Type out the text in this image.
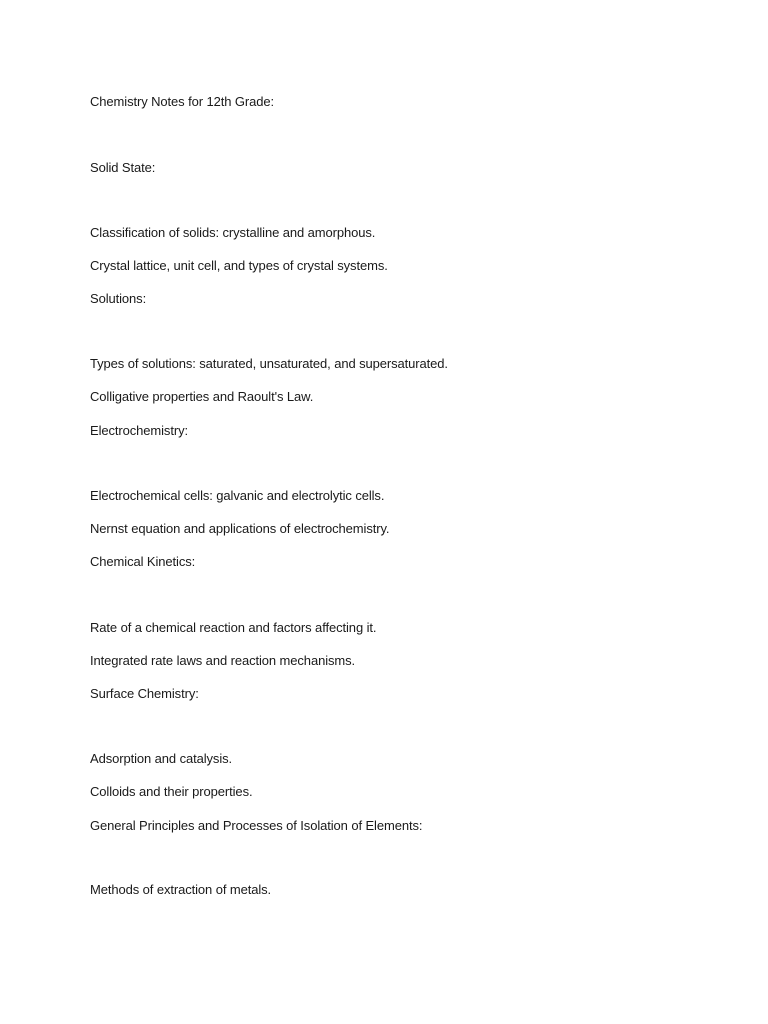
Chemistry Notes for 12th Grade:
Solid State:
Classification of solids: crystalline and amorphous.
Crystal lattice, unit cell, and types of crystal systems.
Solutions:
Types of solutions: saturated, unsaturated, and supersaturated.
Colligative properties and Raoult's Law.
Electrochemistry:
Electrochemical cells: galvanic and electrolytic cells.
Nernst equation and applications of electrochemistry.
Chemical Kinetics:
Rate of a chemical reaction and factors affecting it.
Integrated rate laws and reaction mechanisms.
Surface Chemistry:
Adsorption and catalysis.
Colloids and their properties.
General Principles and Processes of Isolation of Elements:
Methods of extraction of metals.
